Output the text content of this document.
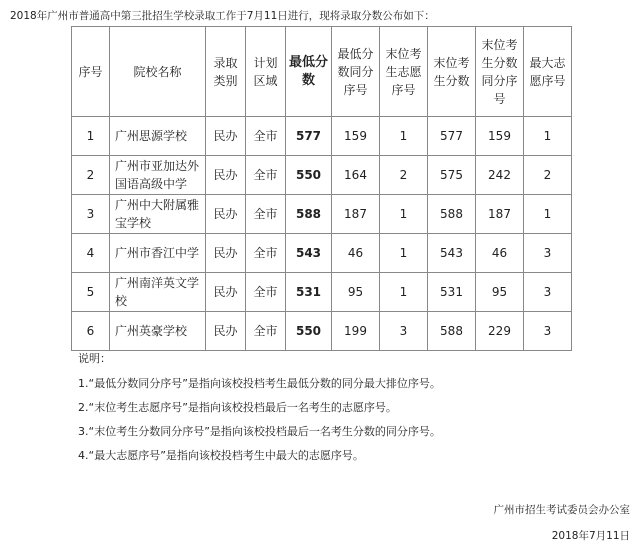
2018年广州市普通高中第三批招生学校录取工作于7月11日进行，现将录取分数公布如下：
序号	院校名称	录取类别	计划区域	最低分数	最低分数同分序号	末位考生志愿序号	末位考生分数	末位考生分数同分序号	最大志愿序号
1	广州思源学校	民办	全市	577	159	1	577	159	1
2	广州市亚加达外国语高级中学	民办	全市	550	164	2	575	242	2
3	广州中大附属雅宝学校	民办	全市	588	187	1	588	187	1
4	广州市香江中学	民办	全市	543	46	1	543	46	3
5	广州南洋英文学校	民办	全市	531	95	1	531	95	3
6	广州英豪学校	民办	全市	550	199	3	588	229	3
说明：
1.“最低分数同分序号”是指向该校投档考生最低分数的同分最大排位序号。
2.“末位考生志愿序号”是指向该校投档最后一名考生的志愿序号。
3.“末位考生分数同分序号”是指向该校投档最后一名考生分数的同分序号。
4.“最大志愿序号”是指向该校投档考生中最大的志愿序号。
广州市招生考试委员会办公室
2018年7月11日
